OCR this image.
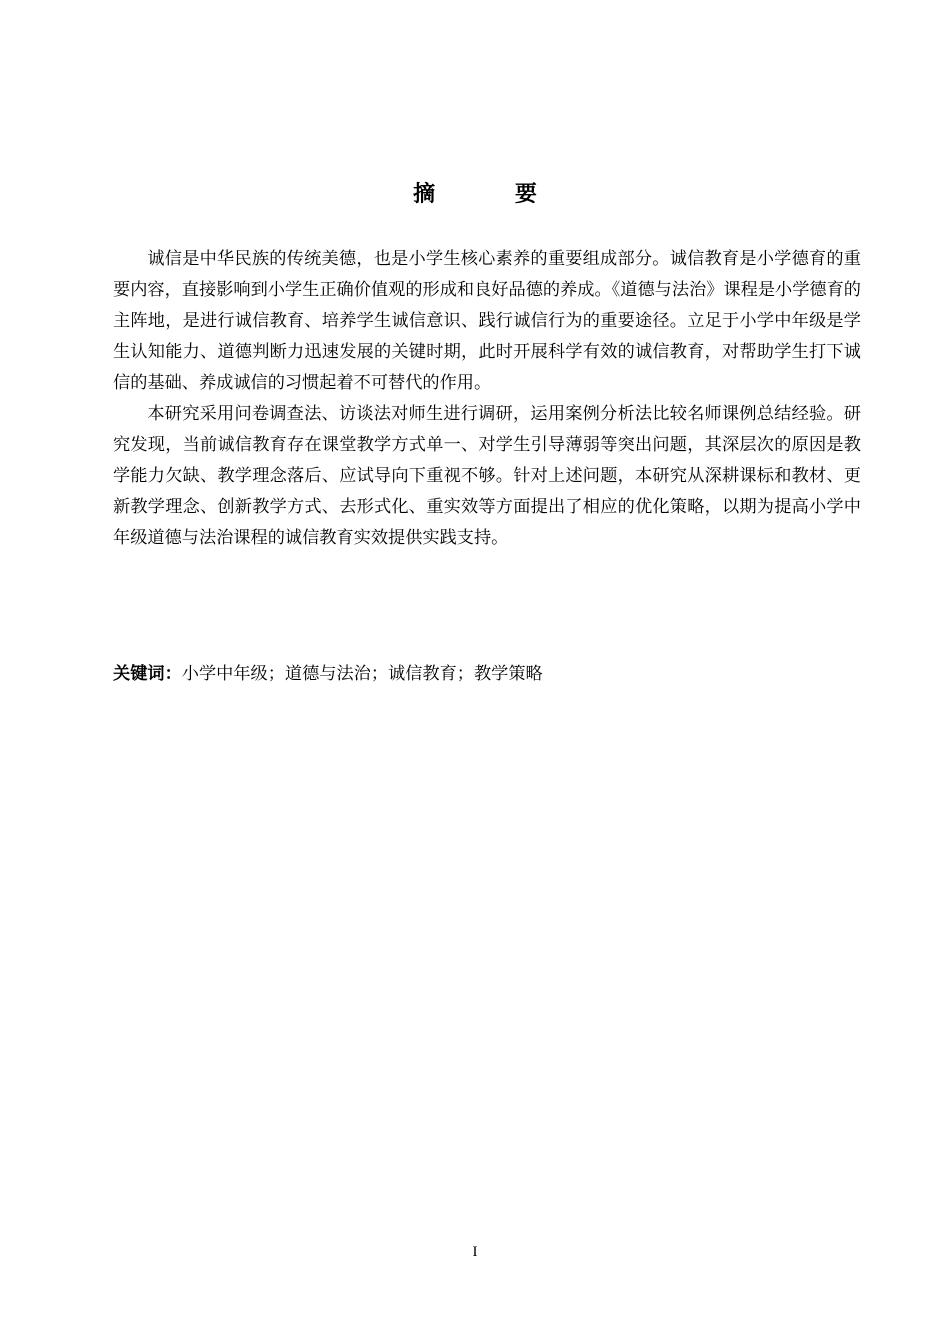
摘 要

诚信是中华民族的传统美德，也是小学生核心素养的重要组成部分。诚信教育是小学德育的重要内容，直接影响到小学生正确价值观的形成和良好品德的养成。《道德与法治》课程是小学德育的主阵地，是进行诚信教育、培养学生诚信意识、践行诚信行为的重要途径。立足于小学中年级是学生认知能力、道德判断力迅速发展的关键时期，此时开展科学有效的诚信教育，对帮助学生打下诚信的基础、养成诚信的习惯起着不可替代的作用。

本研究采用问卷调查法、访谈法对师生进行调研，运用案例分析法比较名师课例总结经验。研究发现，当前诚信教育存在课堂教学方式单一、对学生引导薄弱等突出问题，其深层次的原因是教学能力欠缺、教学理念落后、应试导向下重视不够。针对上述问题，本研究从深耕课标和教材、更新教学理念、创新教学方式、去形式化、重实效等方面提出了相应的优化策略，以期为提高小学中年级道德与法治课程的诚信教育实效提供实践支持。

关键词：小学中年级；道德与法治；诚信教育；教学策略
I
